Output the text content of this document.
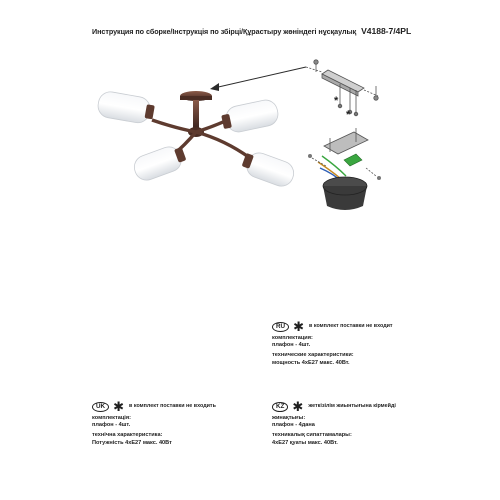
Инструкция по сборке/Інструкція по збірці/Құрастыру жөніндегі нұсқаулық V4188-7/4PL
*
*
RU ✱ в комплект поставки не входит
комплектация:
плафон - 4шт.
технические характеристики:
мощность 4хЕ27 макс. 40Вт.
UK ✱ в комплект поставки не входить
комплектація:
плафон - 4шт.
технічна характеристика:
Потужність 4хЕ27 макс. 40Вт
KZ ✱ жеткізілім жиынтығына кірмейді
жинақтығы:
плафон - 4дана
техникалық сипаттамалары:
4хЕ27 қуаты макс. 40Вт.
